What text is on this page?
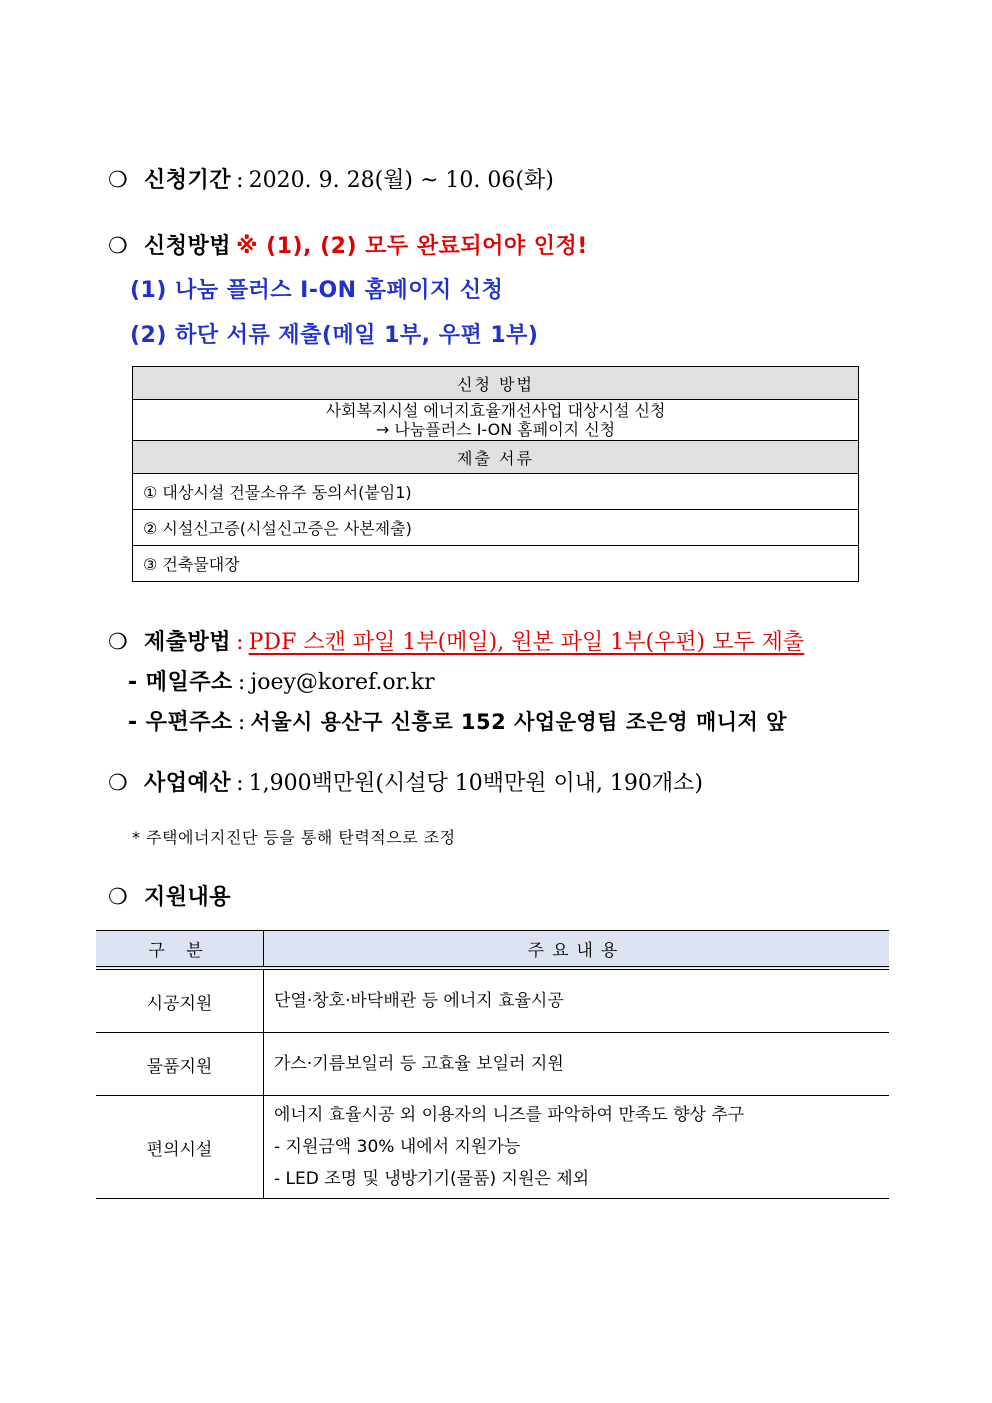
❍ 신청기간 : 2020. 9. 28(월) ~ 10. 06(화)
❍ 신청방법 ※ (1), (2) 모두 완료되어야 인정!
(1) 나눔 플러스 I-ON 홈페이지 신청
(2) 하단 서류 제출(메일 1부, 우편 1부)
신청 방법

사회복지시설 에너지효율개선사업 대상시설 신청
→ 나눔플러스 I-ON 홈페이지 신청

제출 서류
① 대상시설 건물소유주 동의서(붙임1)
② 시설신고증(시설신고증은 사본제출)
③ 건축물대장
❍ 제출방법 : PDF 스캔 파일 1부(메일), 원본 파일 1부(우편) 모두 제출
- 메일주소 : joey@koref.or.kr
- 우편주소 : 서울시 용산구 신흥로 152 사업운영팀 조은영 매니저 앞
❍ 사업예산 : 1,900백만원(시설당 10백만원 이내, 190개소)
* 주택에너지진단 등을 통해 탄력적으로 조정
❍ 지원내용
구 분	주요내용
시공지원	단열·창호·바닥배관 등 에너지 효율시공

물품지원	가스·기름보일러 등 고효율 보일러 지원

편의시설	에너지 효율시공 외 이용자의 니즈를 파악하여 만족도 향상 추구
- 지원금액 30% 내에서 지원가능
- LED 조명 및 냉방기기(물품) 지원은 제외
